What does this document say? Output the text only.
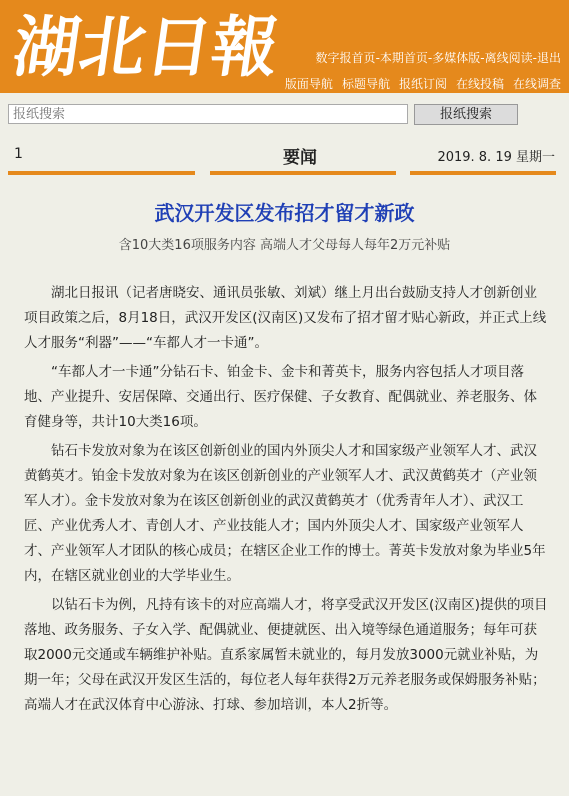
湖
北
日
報	数字报首页-本期首页-多媒体版-离线阅读-退出
版面导航 标题导航 报纸订阅 在线投稿 在线调查
报纸搜索
报纸搜索
1	要闻	2019. 8. 19 星期一
武汉开发区发布招才留才新政
含10大类16项服务内容 高端人才父母每人每年2万元补贴

湖北日报讯（记者唐晓安、通讯员张敏、刘斌）继上月出台鼓励支持人才创新创业项目政策之后，8月18日，武汉开发区(汉南区)又发布了招才留才贴心新政，并正式上线人才服务“利器”——“车都人才一卡通”。

“车都人才一卡通”分钻石卡、铂金卡、金卡和菁英卡，服务内容包括人才项目落地、产业提升、安居保障、交通出行、医疗保健、子女教育、配偶就业、养老服务、体育健身等，共计10大类16项。

钻石卡发放对象为在该区创新创业的国内外顶尖人才和国家级产业领军人才、武汉黄鹤英才。铂金卡发放对象为在该区创新创业的产业领军人才、武汉黄鹤英才（产业领军人才）。金卡发放对象为在该区创新创业的武汉黄鹤英才（优秀青年人才）、武汉工匠、产业优秀人才、青创人才、产业技能人才；国内外顶尖人才、国家级产业领军人才、产业领军人才团队的核心成员；在辖区企业工作的博士。菁英卡发放对象为毕业5年内，在辖区就业创业的大学毕业生。

以钻石卡为例，凡持有该卡的对应高端人才，将享受武汉开发区(汉南区)提供的项目落地、政务服务、子女入学、配偶就业、便捷就医、出入境等绿色通道服务；每年可获取2000元交通或车辆维护补贴。直系家属暂未就业的，每月发放3000元就业补贴，为期一年；父母在武汉开发区生活的，每位老人每年获得2万元养老服务或保姆服务补贴；高端人才在武汉体育中心游泳、打球、参加培训，本人2折等。
